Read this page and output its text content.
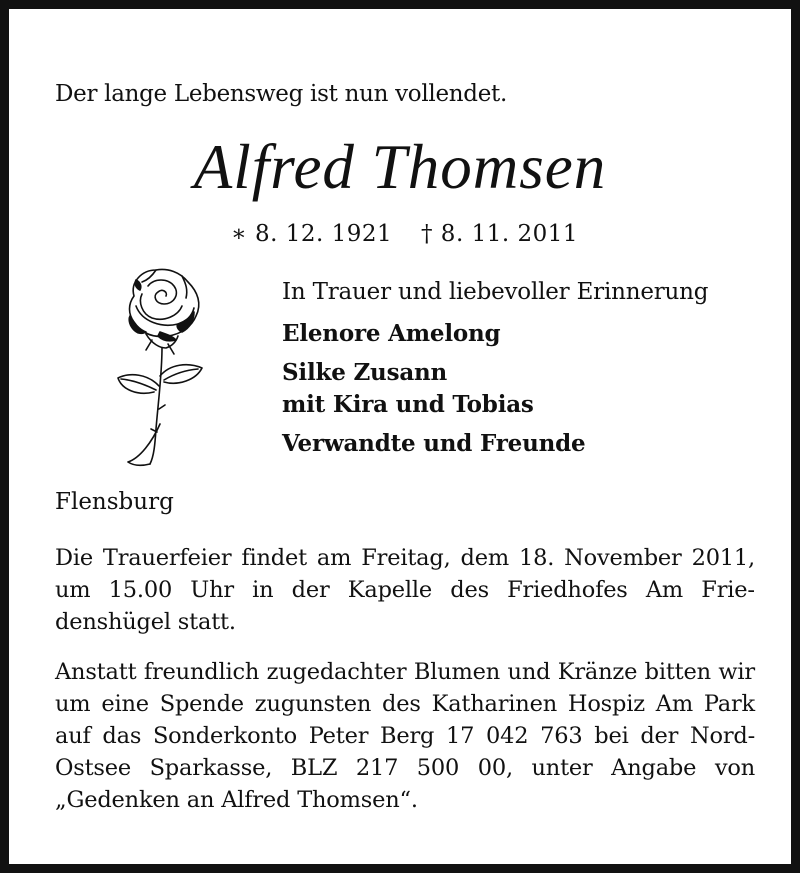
Der lange Lebensweg ist nun vollendet.
Alfred Thomsen
∗ 8. 12. 1921 † 8. 11. 2011
In Trauer und liebevoller Erinnerung
Elenore Amelong
Silke Zusann
mit Kira und Tobias
Verwandte und Freunde
Flensburg
Die Trauerfeier findet am Freitag, dem 18. November 2011, um 15.00 Uhr in der Kapelle des Friedhofes Am Friedenshügel statt.
Anstatt freundlich zugedachter Blumen und Kränze bitten wir um eine Spende zugunsten des Katharinen Hospiz Am Park auf das Sonderkonto Peter Berg 17 042 763 bei der Nord-Ostsee Sparkasse, BLZ 217 500 00, unter Angabe von „Gedenken an Alfred Thomsen“.
